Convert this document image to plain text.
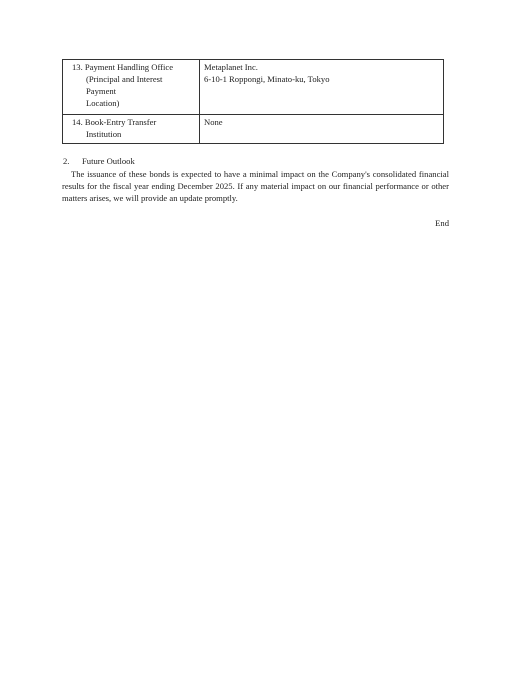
13. Payment Handling Office
(Principal and Interest
Payment
Location)	Metaplanet Inc.
6-10-1 Roppongi, Minato-ku, Tokyo

14. Book-Entry Transfer
Institution	None
2. Future Outlook

The issuance of these bonds is expected to have a minimal impact on the Company's consolidated financial results for the fiscal year ending December 2025. If any material impact on our financial performance or other matters arises, we will provide an update promptly.

End
